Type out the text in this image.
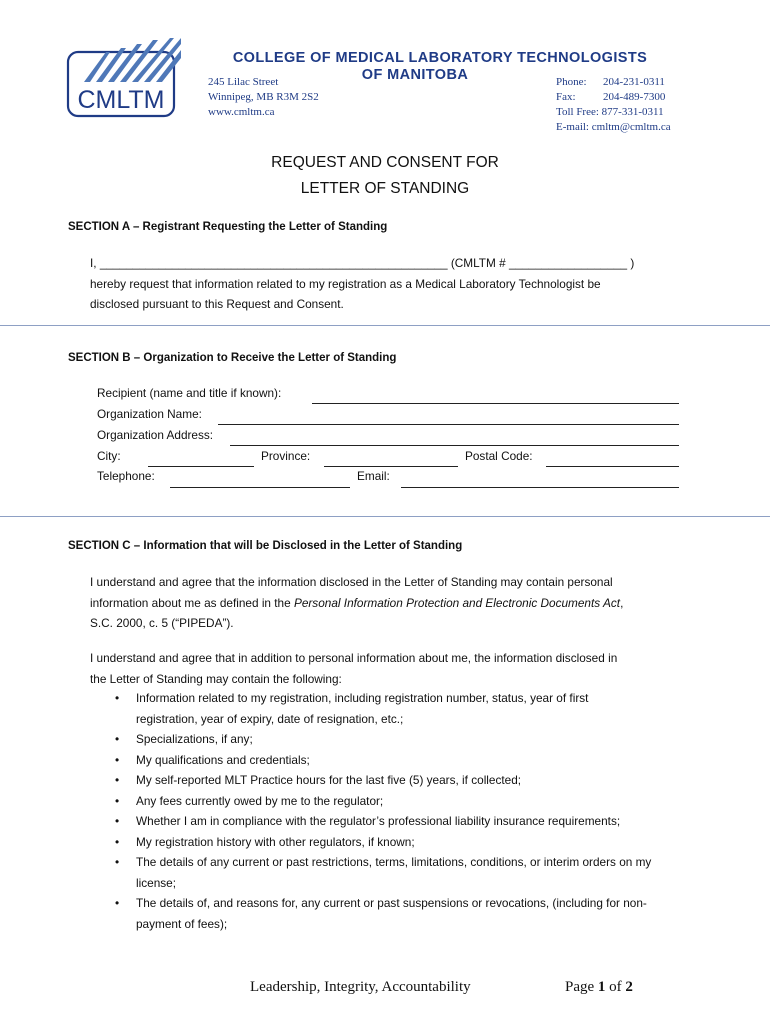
CMLTM
COLLEGE OF MEDICAL LABORATORY TECHNOLOGISTS
OF MANITOBA
245 Lilac Street
Winnipeg, MB R3M 2S2
www.cmltm.ca
Phone: 204-231-0311
Fax: 204-489-7300
Toll Free: 877-331-0311
E-mail: cmltm@cmltm.ca
REQUEST AND CONSENT FOR
LETTER OF STANDING
SECTION A – Registrant Requesting the Letter of Standing
I, _____________________________________________________ (CMLTM # __________________ )
hereby request that information related to my registration as a Medical Laboratory Technologist be
disclosed pursuant to this Request and Consent.
SECTION B – Organization to Receive the Letter of Standing
Recipient (name and title if known):
Organization Name:
Organization Address:
City:	Province:	Postal Code:
Telephone:	Email:
SECTION C – Information that will be Disclosed in the Letter of Standing
I understand and agree that the information disclosed in the Letter of Standing may contain personal
information about me as defined in the Personal Information Protection and Electronic Documents Act,
S.C. 2000, c. 5 (“PIPEDA”).
I understand and agree that in addition to personal information about me, the information disclosed in
the Letter of Standing may contain the following:
• Information related to my registration, including registration number, status, year of first registration, year of expiry, date of resignation, etc.;
• Specializations, if any;
• My qualifications and credentials;
• My self-reported MLT Practice hours for the last five (5) years, if collected;
• Any fees currently owed by me to the regulator;
• Whether I am in compliance with the regulator’s professional liability insurance requirements;
• My registration history with other regulators, if known;
• The details of any current or past restrictions, terms, limitations, conditions, or interim orders on my license;
• The details of, and reasons for, any current or past suspensions or revocations, (including for non-payment of fees);
Leadership, Integrity, Accountability	Page 1 of 2
